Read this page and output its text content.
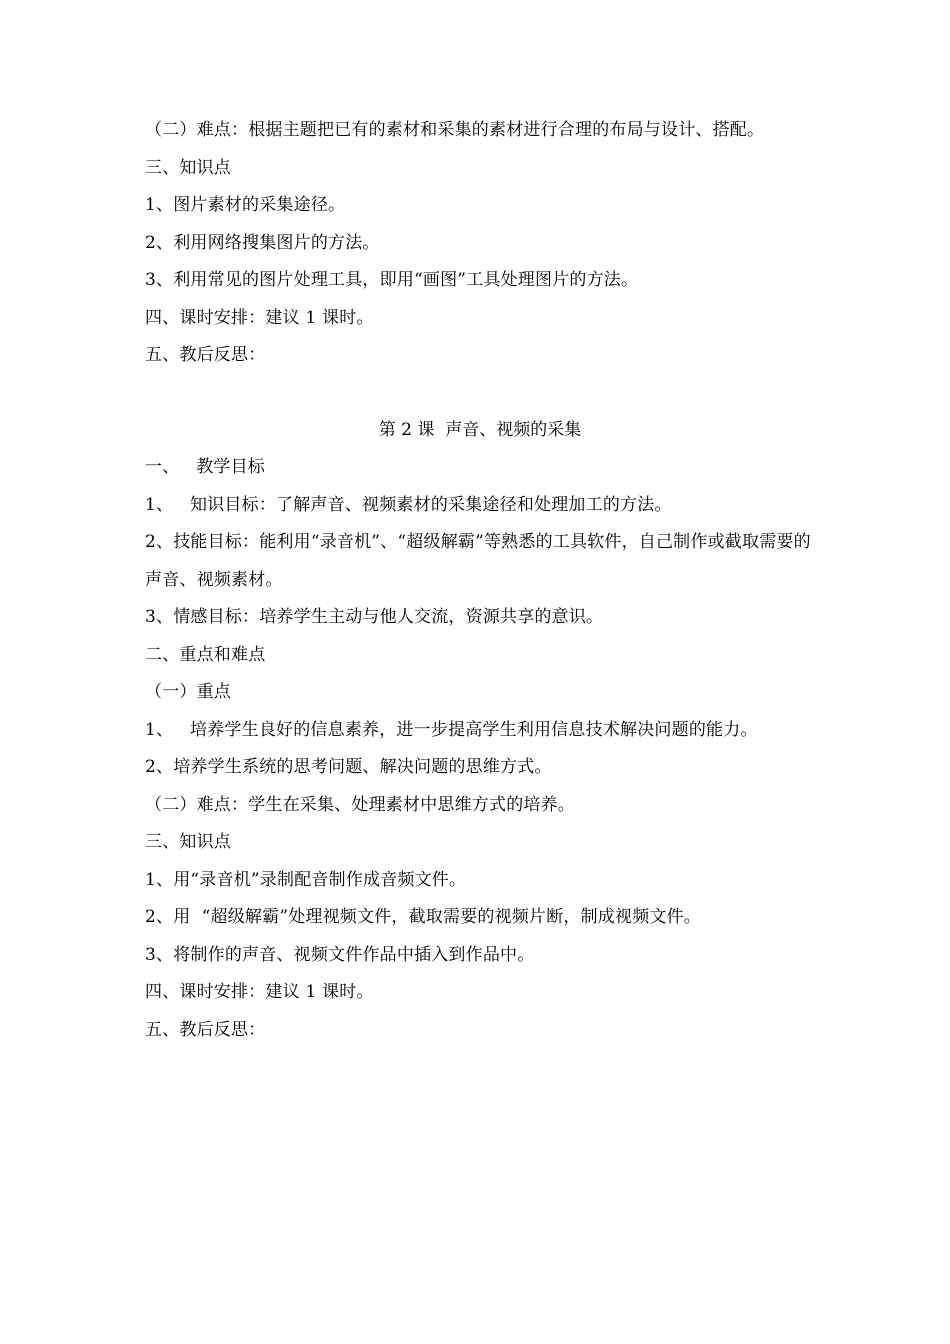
（二）难点：根据主题把已有的素材和采集的素材进行合理的布局与设计、搭配。
三、知识点
1、图片素材的采集途径。
2、利用网络搜集图片的方法。
3、利用常见的图片处理工具，即用“画图”工具处理图片的方法。
四、课时安排：建议 1 课时。
五、教后反思：
第 2 课  声音、视频的采集
一、   教学目标
1、   知识目标：了解声音、视频素材的采集途径和处理加工的方法。
2、技能目标：能利用“录音机”、“超级解霸”等熟悉的工具软件，自己制作或截取需要的声音、视频素材。
3、情感目标：培养学生主动与他人交流，资源共享的意识。
二、重点和难点
（一）重点
1、   培养学生良好的信息素养，进一步提高学生利用信息技术解决问题的能力。
2、培养学生系统的思考问题、解决问题的思维方式。
（二）难点：学生在采集、处理素材中思维方式的培养。
三、知识点
1、用“录音机”录制配音制作成音频文件。
2、用  “超级解霸”处理视频文件，截取需要的视频片断，制成视频文件。
3、将制作的声音、视频文件作品中插入到作品中。
四、课时安排：建议 1 课时。
五、教后反思：
